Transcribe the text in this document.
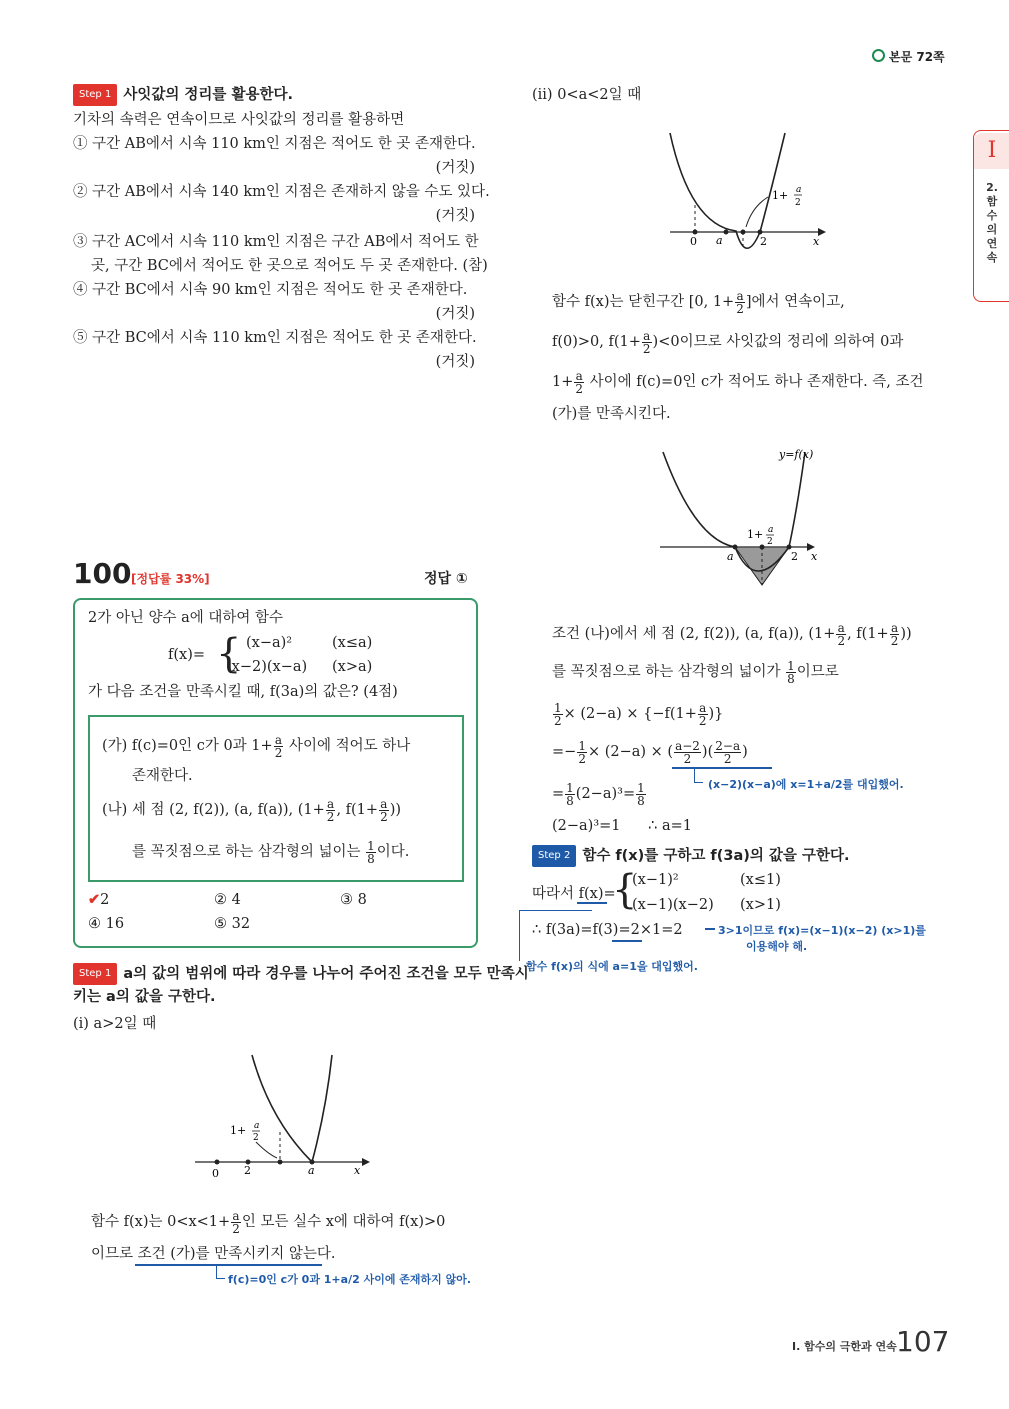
본문 72쪽
I
2.함수의연속
Step 1 사잇값의 정리를 활용한다.
기차의 속력은 연속이므로 사잇값의 정리를 활용하면
① 구간 AB에서 시속 110 km인 지점은 적어도 한 곳 존재한다.
(거짓)
② 구간 AB에서 시속 140 km인 지점은 존재하지 않을 수도 있다.
(거짓)
③ 구간 AC에서 시속 110 km인 지점은 구간 AB에서 적어도 한
곳, 구간 BC에서 적어도 한 곳으로 적어도 두 곳 존재한다. (참)
④ 구간 BC에서 시속 90 km인 지점은 적어도 한 곳 존재한다.
(거짓)
⑤ 구간 BC에서 시속 110 km인 지점은 적어도 한 곳 존재한다.
(거짓)
100 [정답률 33%]	정답 ①
2가 아닌 양수 a에 대하여 함수
f(x)= { (x−a)²	(x≤a)
(x−2)(x−a) (x>a)
가 다음 조건을 만족시킬 때, f(3a)의 값은? (4점)
(가) f(c)=0인 c가 0과 $1+ \frac{a}{2}$ 사이에 적어도 하나
존재한다.
(나) 세 점 (2, f(2)), (a, f(a)), ($1+ \frac{a}{2}$ , $f(1+ \frac{a}{2}$ ))
를 꼭짓점으로 하는 삼각형의 넓이는 $\frac{1}{8}$ 이다.
✔2	② 4	③ 8
④ 16	⑤ 32
Step 1 a의 값의 범위에 따라 경우를 나누어 주어진 조건을 모두 만족시
키는 a의 값을 구한다.
(ⅰ) a>2일 때
0 2	a	x
1+ a
2
함수 f(x)는 $0<x<1+ \frac{a}{2}$ 인 모든 실수 x에 대하여 f(x)>0
이므로 조건 (가)를 만족시키지 않는다.
f(c)=0인 c가 0과 1+a/2 사이에 존재하지 않아.
(ⅱ) 0<a<2일 때
0 a	2	x
1+ a
2
함수 f(x)는 닫힌구간 [0, $1+ \frac{a}{2}$ ]에서 연속이고,
f(0)>0, $f(1+ \frac{a}{2} )<0$이므로 사잇값의 정리에 의하여 0과
$1+ \frac{a}{2}$ 사이에 f(c)=0인 c가 적어도 하나 존재한다. 즉, 조건
(가)를 만족시킨다.
y=f(x)
a	2 x
1+ a
2
조건 (나)에서 세 점 (2, f(2)), (a, f(a)), ($1+ \frac{a}{2}$ , $f(1+ \frac{a}{2}$ ))
를 꼭짓점으로 하는 삼각형의 넓이가 $\frac{1}{8}$ 이므로
$\frac{1}{2} \times (2-a) \times \{-f(1+ \frac{a}{2}$ )}
=− $\frac{1}{2} \times (2-a)$ × ( $\frac{a-2}{2}$ )( $\frac{2-a}{2}$ )
(x−2)(x−a)에 x=1+a/2를 대입했어.
= $\frac{1}{8} (2-a)^3= \frac{1}{8}$
(2−a)³=1      ∴ a=1
Step 2 함수 f(x)를 구하고 f(3a)의 값을 구한다.
따라서 f(x)=
{
(x−1)²	(x≤1)
(x−1)(x−2) (x>1)
∴ f(3a)=f(3)=2×1=2	3>1이므로 f(x)=(x−1)(x−2) (x>1)를
이용해야 해.
함수 f(x)의 식에 a=1을 대입했어.
Ⅰ. 함수의 극한과 연속 107
